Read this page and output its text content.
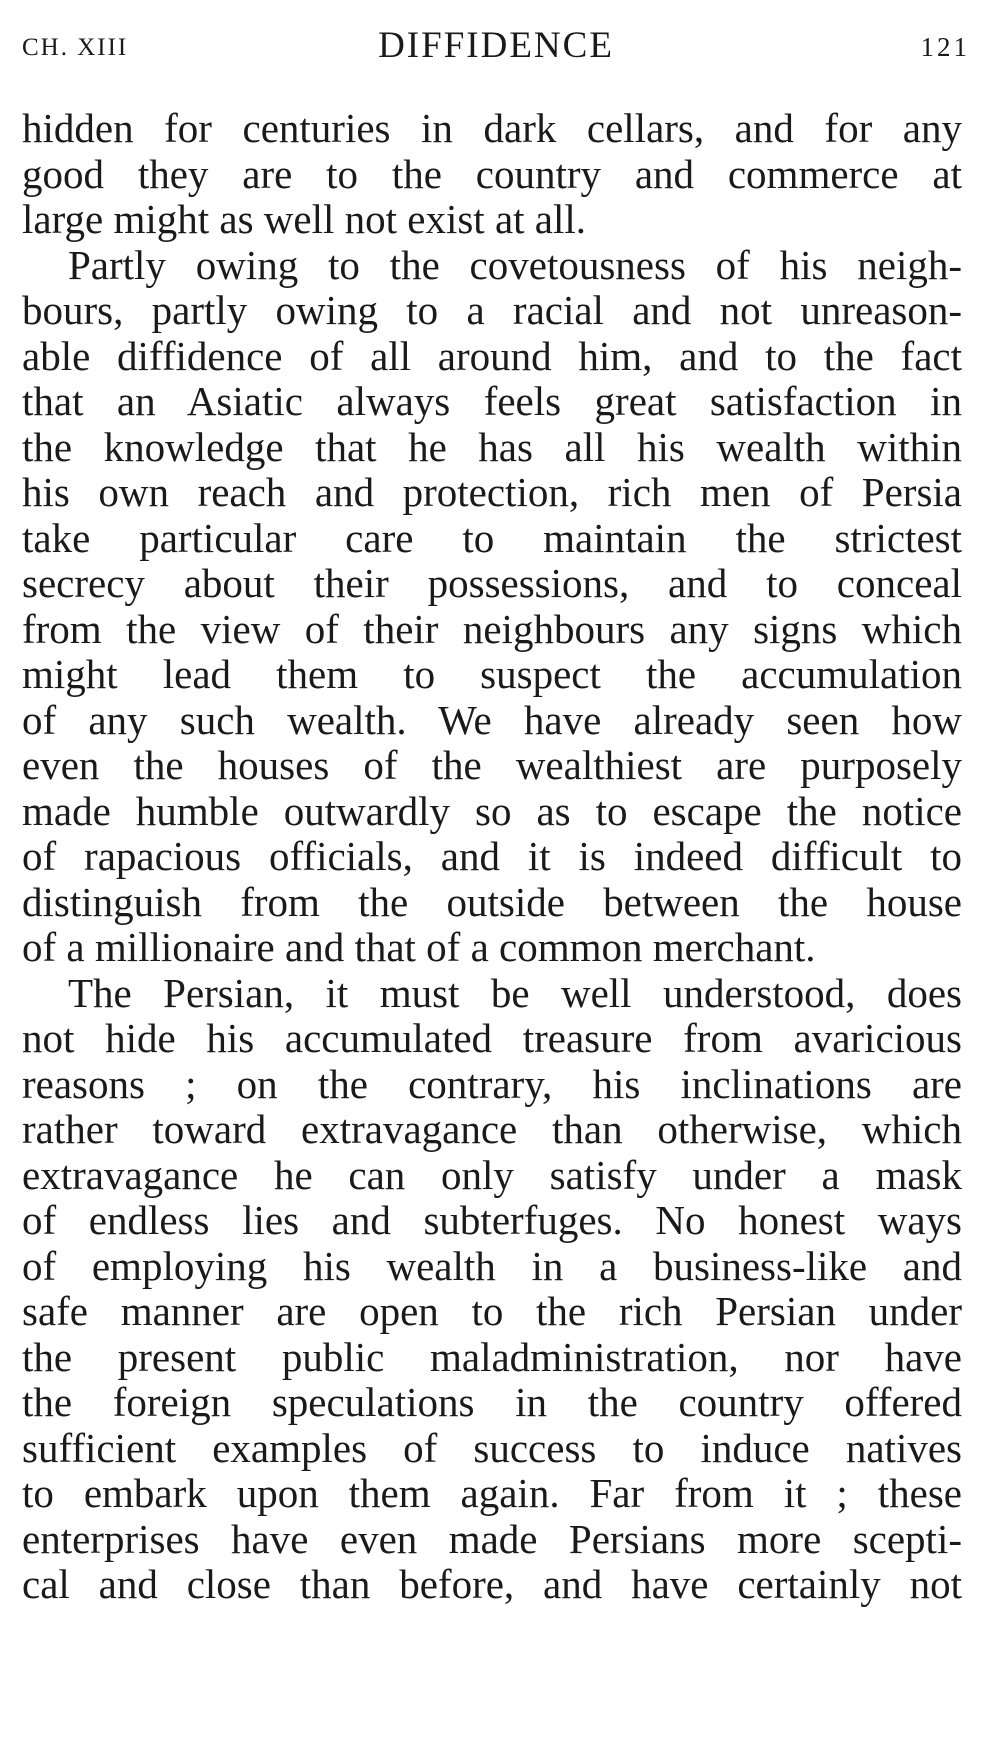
CH. XIII	DIFFIDENCE	121
hidden for centuries in dark cellars, and for any
good they are to the country and commerce at
large might as well not exist at all.
Partly owing to the covetousness of his neigh-
bours, partly owing to a racial and not unreason-
able diffidence of all around him, and to the fact
that an Asiatic always feels great satisfaction in
the knowledge that he has all his wealth within
his own reach and protection, rich men of Persia
take particular care to maintain the strictest
secrecy about their possessions, and to conceal
from the view of their neighbours any signs which
might lead them to suspect the accumulation
of any such wealth. We have already seen how
even the houses of the wealthiest are purposely
made humble outwardly so as to escape the notice
of rapacious officials, and it is indeed difficult to
distinguish from the outside between the house
of a millionaire and that of a common merchant.
The Persian, it must be well understood, does
not hide his accumulated treasure from avaricious
reasons ; on the contrary, his inclinations are
rather toward extravagance than otherwise, which
extravagance he can only satisfy under a mask
of endless lies and subterfuges. No honest ways
of employing his wealth in a business-like and
safe manner are open to the rich Persian under
the present public maladministration, nor have
the foreign speculations in the country offered
sufficient examples of success to induce natives
to embark upon them again. Far from it ; these
enterprises have even made Persians more scepti-
cal and close than before, and have certainly not
